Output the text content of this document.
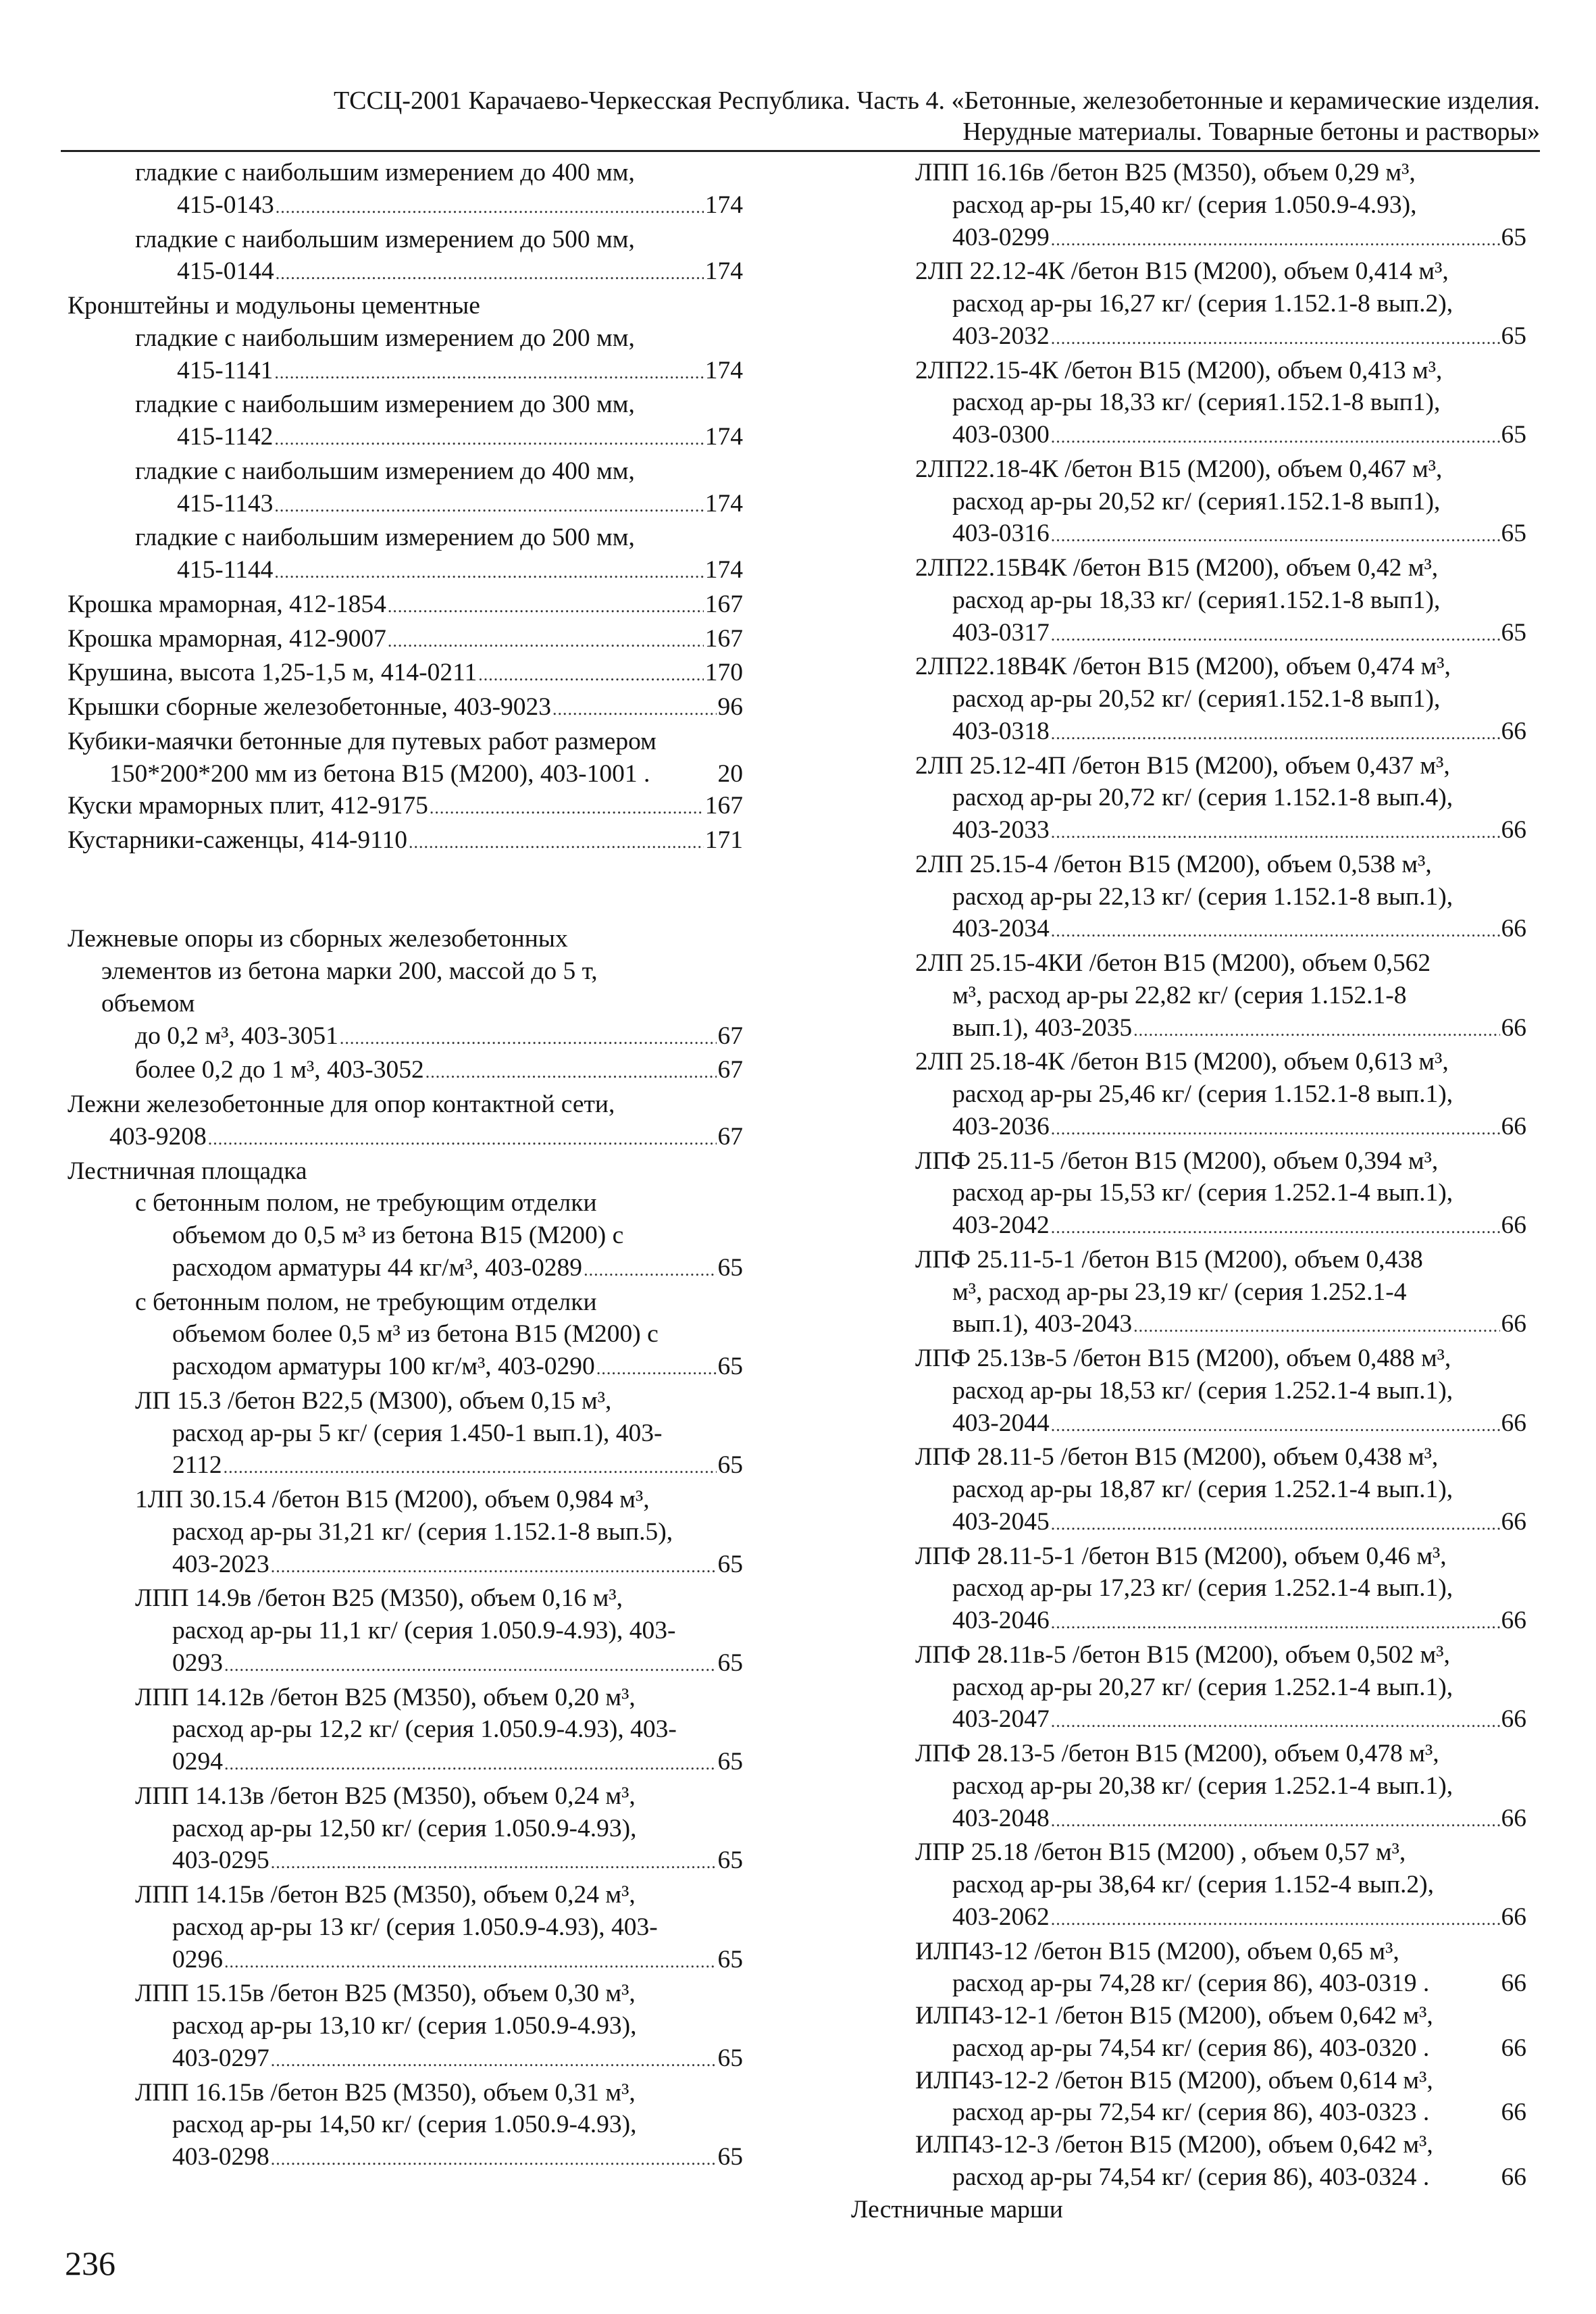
ТССЦ-2001 Карачаево-Черкесская Республика. Часть 4. «Бетонные, железобетонные и керамические изделия.
Нерудные материалы. Товарные бетоны и растворы»
гладкие с наибольшим измерением до 400 мм,
415-0143 .....	174
гладкие с наибольшим измерением до 500 мм,
415-0144 .....	174
Кронштейны и модульоны цементные
гладкие с наибольшим измерением до 200 мм,
415-1141 .....	174
гладкие с наибольшим измерением до 300 мм,
415-1142 .....	174
гладкие с наибольшим измерением до 400 мм,
415-1143 .....	174
гладкие с наибольшим измерением до 500 мм,
415-1144 .....	174
Крошка мраморная, 412-1854 .....	167
Крошка мраморная, 412-9007 .....	167
Крушина, высота 1,25-1,5 м, 414-0211 .....	170
Крышки сборные железобетонные, 403-9023 .....	96
Кубики-маячки бетонные для путевых работ размером
150*200*200 мм из бетона В15 (М200), 403-1001 .	20
Куски мраморных плит, 412-9175 .....	167
Кустарники-саженцы, 414-9110 .....	171
Лежневые опоры из сборных железобетонных
элементов из бетона марки 200, массой до 5 т,
объемом
до 0,2 м³, 403-3051 .....	67
более 0,2 до 1 м³, 403-3052 .....	67
Лежни железобетонные для опор контактной сети,
403-9208 .....	67
Лестничная площадка
с бетонным полом, не требующим отделки
объемом до 0,5 м³ из бетона В15 (М200) с
расходом арматуры 44 кг/м³, 403-0289 .....	65
с бетонным полом, не требующим отделки
объемом более 0,5 м³ из бетона В15 (М200) с
расходом арматуры 100 кг/м³, 403-0290 .....	65
ЛП 15.3 /бетон В22,5 (М300), объем 0,15 м³,
расход ар-ры 5 кг/ (серия 1.450-1 вып.1), 403-
2112 .....	65
1ЛП 30.15.4 /бетон В15 (М200), объем 0,984 м³,
расход ар-ры 31,21 кг/ (серия 1.152.1-8 вып.5),
403-2023 .....	65
ЛПП 14.9в /бетон В25 (М350), объем 0,16 м³,
расход ар-ры 11,1 кг/ (серия 1.050.9-4.93), 403-
0293 .....	65
ЛПП 14.12в /бетон В25 (М350), объем 0,20 м³,
расход ар-ры 12,2 кг/ (серия 1.050.9-4.93), 403-
0294 .....	65
ЛПП 14.13в /бетон В25 (М350), объем 0,24 м³,
расход ар-ры 12,50 кг/ (серия 1.050.9-4.93),
403-0295 .....	65
ЛПП 14.15в /бетон В25 (М350), объем 0,24 м³,
расход ар-ры 13 кг/ (серия 1.050.9-4.93), 403-
0296 .....	65
ЛПП 15.15в /бетон В25 (М350), объем 0,30 м³,
расход ар-ры 13,10 кг/ (серия 1.050.9-4.93),
403-0297 .....	65
ЛПП 16.15в /бетон В25 (М350), объем 0,31 м³,
расход ар-ры 14,50 кг/ (серия 1.050.9-4.93),
403-0298 .....	65
ЛПП 16.16в /бетон В25 (М350), объем 0,29 м³,
расход ар-ры 15,40 кг/ (серия 1.050.9-4.93),
403-0299 .....	65
2ЛП 22.12-4К /бетон В15 (М200), объем 0,414 м³,
расход ар-ры 16,27 кг/ (серия 1.152.1-8 вып.2),
403-2032 .....	65
2ЛП22.15-4К /бетон В15 (М200), объем 0,413 м³,
расход ар-ры 18,33 кг/ (серия1.152.1-8 вып1),
403-0300 .....	65
2ЛП22.18-4К /бетон В15 (М200), объем 0,467 м³,
расход ар-ры 20,52 кг/ (серия1.152.1-8 вып1),
403-0316 .....	65
2ЛП22.15В4К /бетон В15 (М200), объем 0,42 м³,
расход ар-ры 18,33 кг/ (серия1.152.1-8 вып1),
403-0317 .....	65
2ЛП22.18В4К /бетон В15 (М200), объем 0,474 м³,
расход ар-ры 20,52 кг/ (серия1.152.1-8 вып1),
403-0318 .....	66
2ЛП 25.12-4П /бетон В15 (М200), объем 0,437 м³,
расход ар-ры 20,72 кг/ (серия 1.152.1-8 вып.4),
403-2033 .....	66
2ЛП 25.15-4 /бетон В15 (М200), объем 0,538 м³,
расход ар-ры 22,13 кг/ (серия 1.152.1-8 вып.1),
403-2034 .....	66
2ЛП 25.15-4КИ /бетон В15 (М200), объем 0,562
м³, расход ар-ры 22,82 кг/ (серия 1.152.1-8
вып.1), 403-2035 .....	66
2ЛП 25.18-4К /бетон В15 (М200), объем 0,613 м³,
расход ар-ры 25,46 кг/ (серия 1.152.1-8 вып.1),
403-2036 .....	66
ЛПФ 25.11-5 /бетон В15 (М200), объем 0,394 м³,
расход ар-ры 15,53 кг/ (серия 1.252.1-4 вып.1),
403-2042 .....	66
ЛПФ 25.11-5-1 /бетон В15 (М200), объем 0,438
м³, расход ар-ры 23,19 кг/ (серия 1.252.1-4
вып.1), 403-2043 .....	66
ЛПФ 25.13в-5 /бетон В15 (М200), объем 0,488 м³,
расход ар-ры 18,53 кг/ (серия 1.252.1-4 вып.1),
403-2044 .....	66
ЛПФ 28.11-5 /бетон В15 (М200), объем 0,438 м³,
расход ар-ры 18,87 кг/ (серия 1.252.1-4 вып.1),
403-2045 .....	66
ЛПФ 28.11-5-1 /бетон В15 (М200), объем 0,46 м³,
расход ар-ры 17,23 кг/ (серия 1.252.1-4 вып.1),
403-2046 .....	66
ЛПФ 28.11в-5 /бетон В15 (М200), объем 0,502 м³,
расход ар-ры 20,27 кг/ (серия 1.252.1-4 вып.1),
403-2047 .....	66
ЛПФ 28.13-5 /бетон В15 (М200), объем 0,478 м³,
расход ар-ры 20,38 кг/ (серия 1.252.1-4 вып.1),
403-2048 .....	66
ЛПР 25.18 /бетон В15 (М200) , объем 0,57 м³,
расход ар-ры 38,64 кг/ (серия 1.152-4 вып.2),
403-2062 .....	66
ИЛП43-12 /бетон В15 (М200), объем 0,65 м³,
расход ар-ры 74,28 кг/ (серия 86), 403-0319 .	66
ИЛП43-12-1 /бетон В15 (М200), объем 0,642 м³,
расход ар-ры 74,54 кг/ (серия 86), 403-0320 .	66
ИЛП43-12-2 /бетон В15 (М200), объем 0,614 м³,
расход ар-ры 72,54 кг/ (серия 86), 403-0323 .	66
ИЛП43-12-3 /бетон В15 (М200), объем 0,642 м³,
расход ар-ры 74,54 кг/ (серия 86), 403-0324 .	66
Лестничные марши
236
